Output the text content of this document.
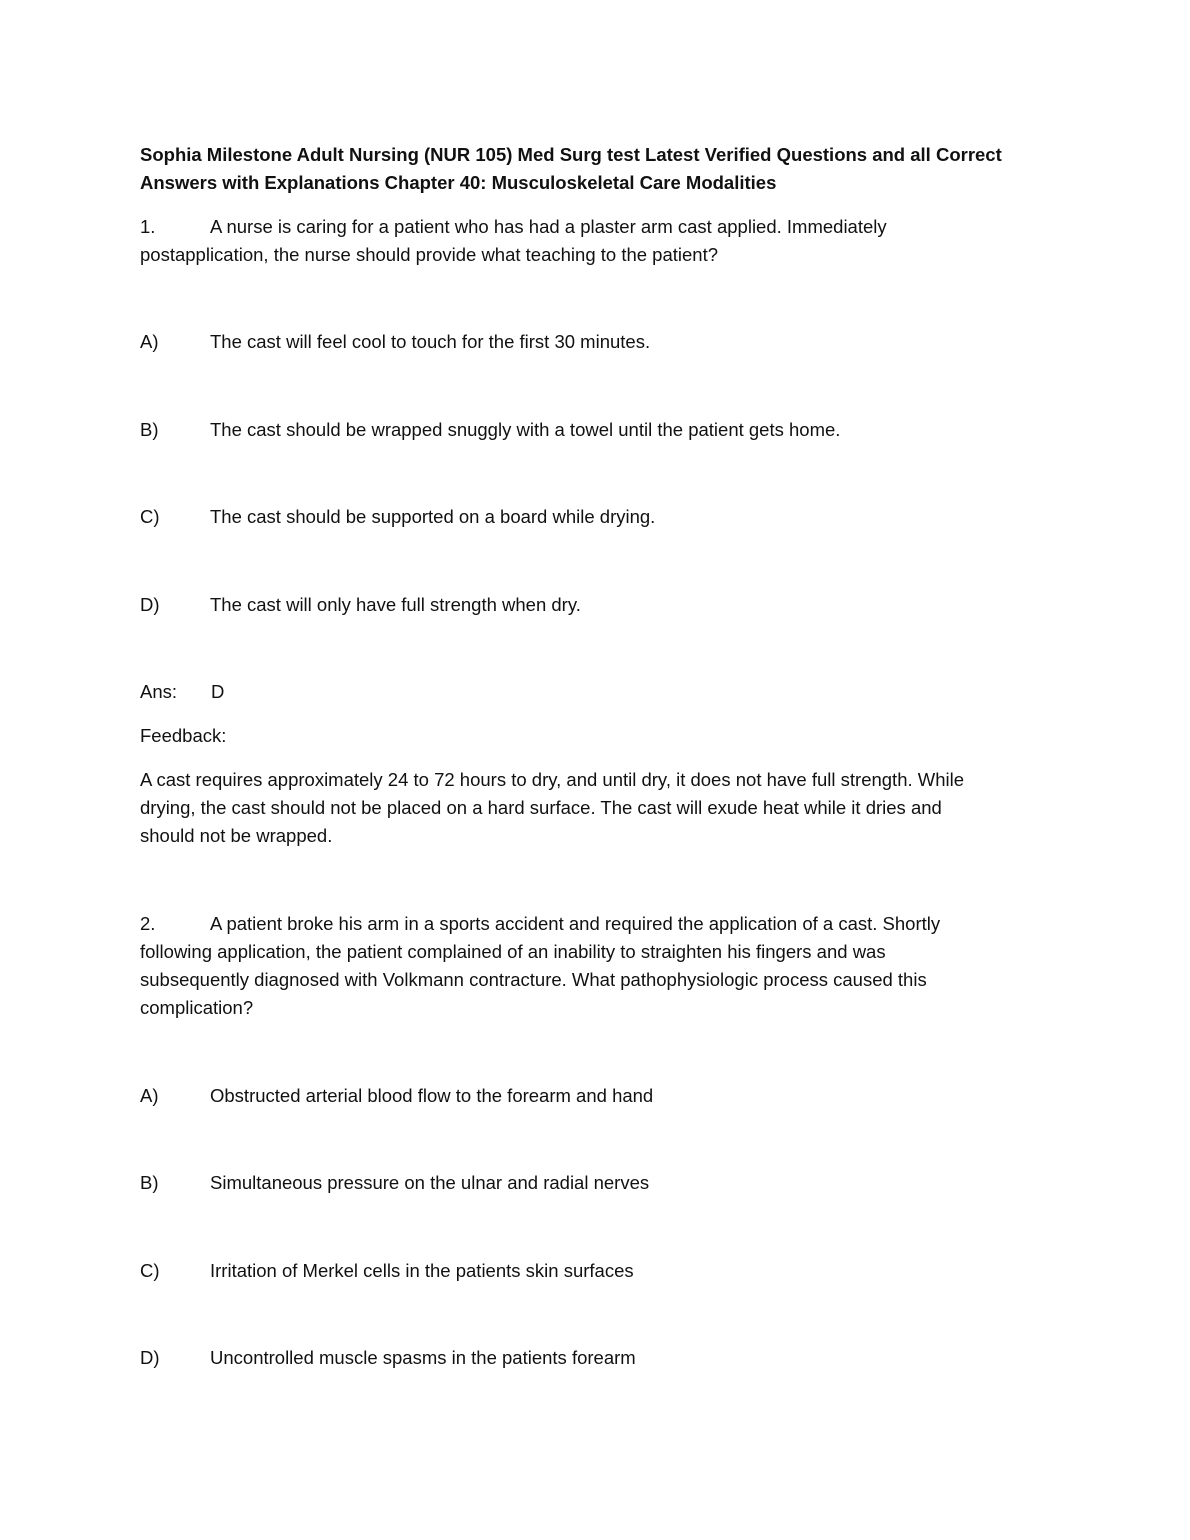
Sophia Milestone Adult Nursing (NUR 105) Med Surg test Latest Verified Questions and all Correct
Answers with Explanations Chapter 40: Musculoskeletal Care Modalities
1.	A nurse is caring for a patient who has had a plaster arm cast applied. Immediately
postapplication, the nurse should provide what teaching to the patient?
A)	The cast will feel cool to touch for the first 30 minutes.
B)	The cast should be wrapped snuggly with a towel until the patient gets home.
C)	The cast should be supported on a board while drying.
D)	The cast will only have full strength when dry.
Ans: D
Feedback:
A cast requires approximately 24 to 72 hours to dry, and until dry, it does not have full strength. While
drying, the cast should not be placed on a hard surface. The cast will exude heat while it dries and
should not be wrapped.
2.	A patient broke his arm in a sports accident and required the application of a cast. Shortly
following application, the patient complained of an inability to straighten his fingers and was
subsequently diagnosed with Volkmann contracture. What pathophysiologic process caused this
complication?
A)	Obstructed arterial blood flow to the forearm and hand
B)	Simultaneous pressure on the ulnar and radial nerves
C)	Irritation of Merkel cells in the patients skin surfaces
D)	Uncontrolled muscle spasms in the patients forearm
